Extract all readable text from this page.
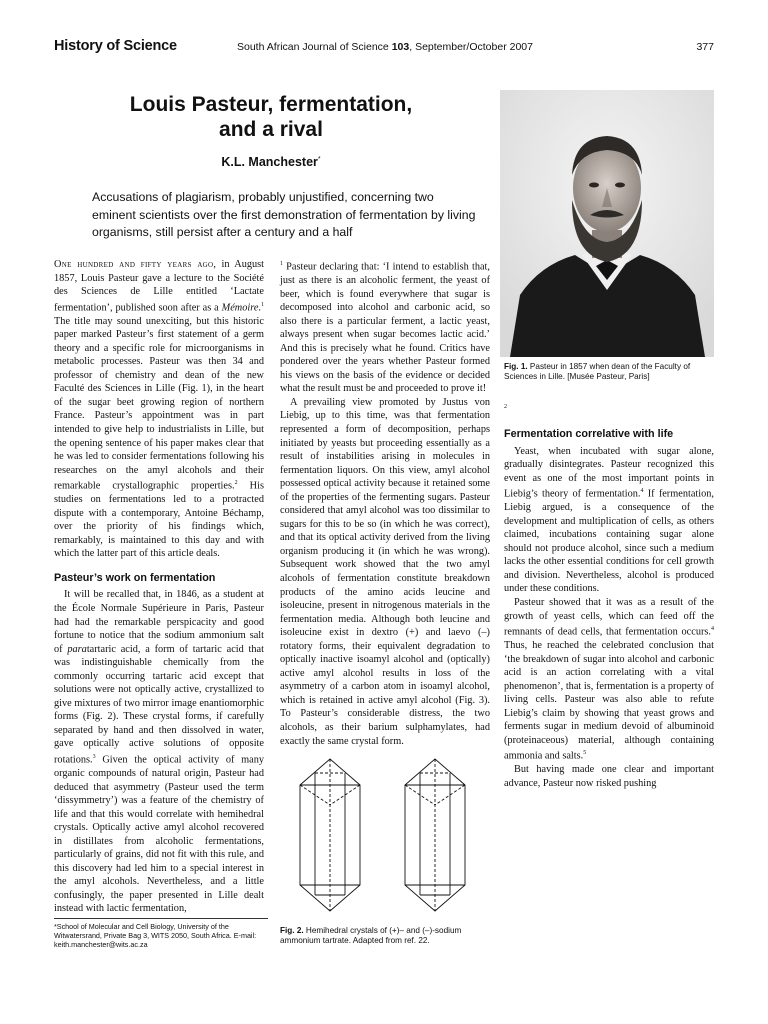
History of Science	South African Journal of Science 103, September/October 2007	377
Louis Pasteur, fermentation,
and a rival
K.L. Manchester*
Accusations of plagiarism, probably unjustified, concerning two eminent scientists over the first demonstration of fermentation by living organisms, still persist after a century and a half
Fig. 1. Pasteur in 1857 when dean of the Faculty of Sciences in Lille. [Musée Pasteur, Paris]

One hundred and fifty years ago, in August 1857, Louis Pasteur gave a lecture to the Société des Sciences de Lille entitled ‘Lactate fermentation’, published soon after as a Mémoire.$^1$ The title may sound unexciting, but this historic paper marked Pasteur’s first statement of a germ theory and a specific role for microorganisms in metabolic processes. Pasteur was then 34 and professor of chemistry and dean of the new Faculté des Sciences in Lille (Fig. 1), in the heart of the sugar beet growing region of northern France. Pasteur’s appointment was in part intended to give help to industrialists in Lille, but the opening sentence of his paper makes clear that he was led to consider fermentations following his researches on the amyl alcohols and their remarkable crystallographic properties.$^2$ His studies on fermentations led to a protracted dispute with a contemporary, Antoine Béchamp, over the priority of his findings which, remarkably, is maintained to this day and with which the latter part of this article deals.

Pasteur’s work on fermentation

It will be recalled that, in 1846, as a student at the École Normale Supérieure in Paris, Pasteur had had the remarkable perspicacity and good fortune to notice that the sodium ammonium salt of paratartaric acid, a form of tartaric acid that was indistinguishable chemically from the commonly occurring tartaric acid except that solutions were not optically active, crystallized to give mixtures of two mirror image enantiomorphic forms (Fig. 2). These crystal forms, if carefully separated by hand and then dissolved in water, gave optically active solutions of opposite rotations.$^3$ Given the optical activity of many organic compounds of natural origin, Pasteur had deduced that asymmetry (Pasteur used the term ‘dissymmetry’) was a feature of the chemistry of life and that this would correlate with hemihedral crystals. Optically active amyl alcohol recovered in distillates from alcoholic fermentations, particularly of grains, did not fit with this rule, and this discovery had led him to a special interest in the amyl alcohols. Nevertheless, and a little confusingly, the paper presented in Lille dealt instead with lactic fermentation,

*School of Molecular and Cell Biology, University of the Witwatersrand, Private Bag 3, WITS 2050, South Africa. E-mail: keith.manchester@wits.ac.za

$^1$ Pasteur declaring that: ‘I intend to establish that, just as there is an alcoholic ferment, the yeast of beer, which is found everywhere that sugar is decomposed into alcohol and carbonic acid, so also there is a particular ferment, a lactic yeast, always present when sugar becomes lactic acid.’ And this is precisely what he found. Critics have pondered over the years whether Pasteur formed his views on the basis of the evidence or decided what the result must be and proceeded to prove it!

A prevailing view promoted by Justus von Liebig, up to this time, was that fermentation represented a form of decomposition, perhaps initiated by yeasts but proceeding essentially as a result of instabilities arising in molecules in fermentation liquors. On this view, amyl alcohol possessed optical activity because it retained some of the properties of the fermenting sugars. Pasteur considered that amyl alcohol was too dissimilar to sugars for this to be so (in which he was correct), and that its optical activity derived from the living organism producing it (in which he was wrong). Subsequent work showed that the two amyl alcohols of fermentation constitute breakdown products of the amino acids leucine and isoleucine, present in nitrogenous materials in the fermentation media. Although both leucine and isoleucine exist in dextro (+) and laevo (–) rotatory forms, their equivalent degradation to optically inactive isoamyl alcohol and (optically) active amyl alcohol results in loss of the asymmetry of a carbon atom in isoamyl alcohol, which is retained in active amyl alcohol (Fig. 3). To Pasteur’s considerable distress, the two alcohols, as their barium sulphamylates, had exactly the same crystal form.

Fig. 2. Hemihedral crystals of (+)– and (–)-sodium ammonium tartrate. Adapted from ref. 22.

$^2$

Fermentation correlative with life

Yeast, when incubated with sugar alone, gradually disintegrates. Pasteur recognized this event as one of the most important points in Liebig’s theory of fermentation.$^4$ If fermentation, Liebig argued, is a consequence of the development and multiplication of cells, as others claimed, incubations containing sugar alone should not produce alcohol, since such a medium lacks the other essential conditions for cell growth and division. Nevertheless, alcohol is produced under these conditions.

Pasteur showed that it was as a result of the growth of yeast cells, which can feed off the remnants of dead cells, that fermentation occurs.$^4$ Thus, he reached the celebrated conclusion that ‘the breakdown of sugar into alcohol and carbonic acid is an action correlating with a vital phenomenon’, that is, fermentation is a property of living cells. Pasteur was also able to refute Liebig’s claim by showing that yeast grows and ferments sugar in medium devoid of albuminoid (proteinaceous) material, although containing ammonia and salts.$^5$

But having made one clear and important advance, Pasteur now risked pushing
